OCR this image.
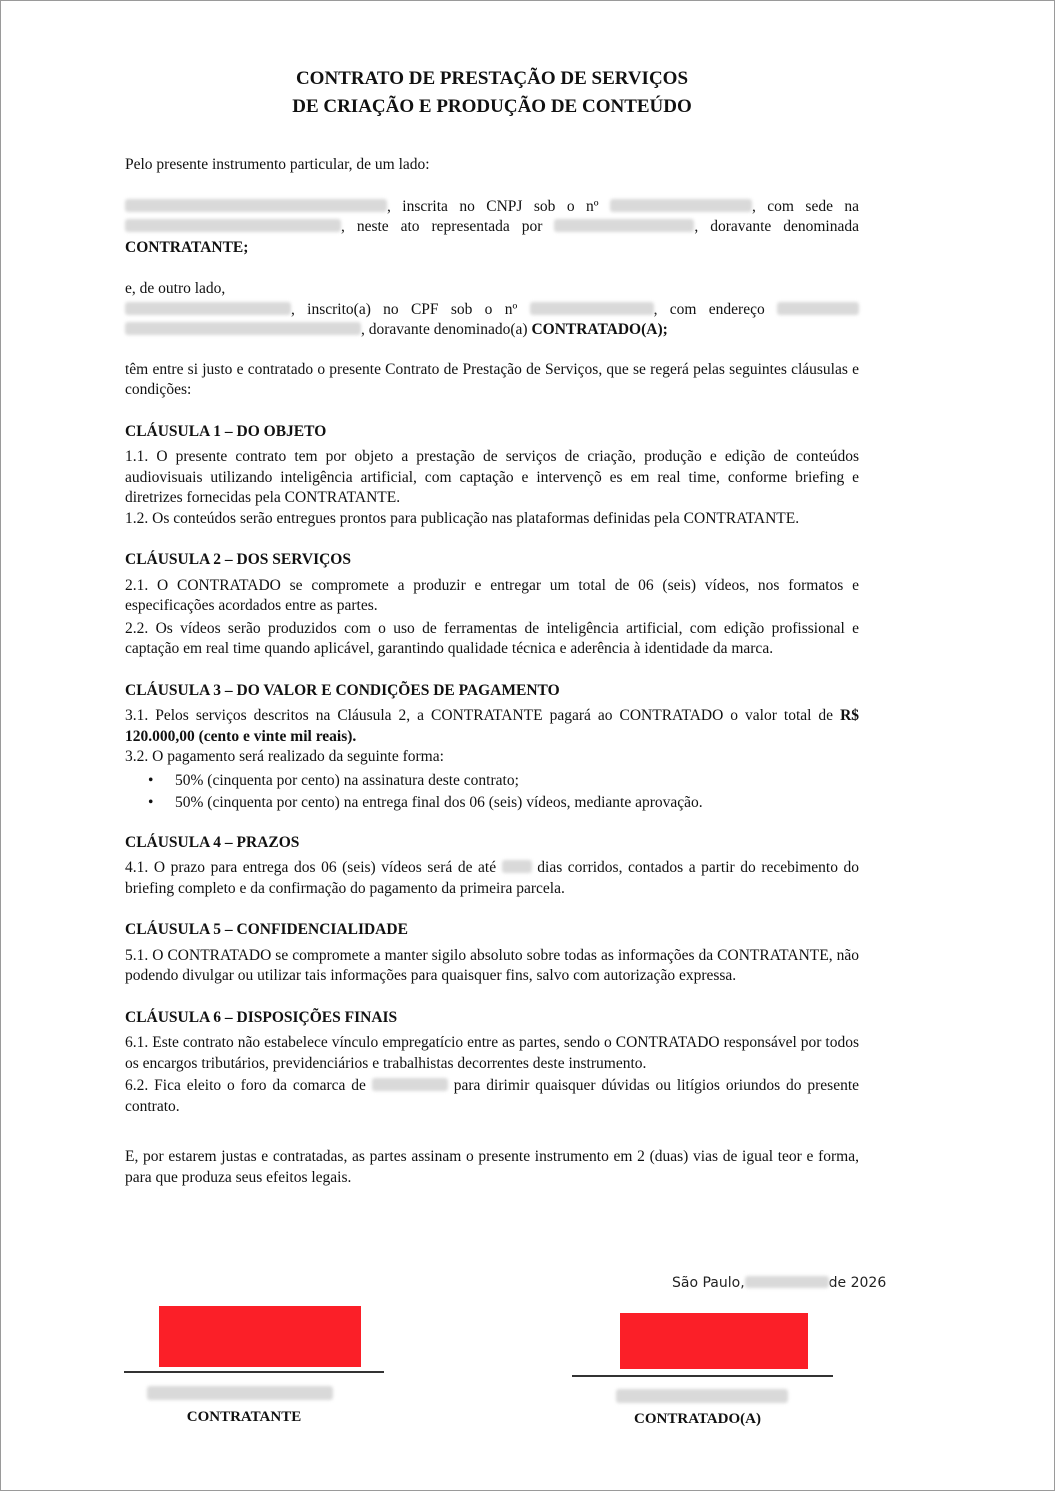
CONTRATO DE PRESTAÇÃO DE SERVIÇOS
DE CRIAÇÃO E PRODUÇÃO DE CONTEÚDO

Pelo presente instrumento particular, de um lado:

, inscrita no CNPJ sob o nº	, com sede na , neste ato representada por	, doravante denominada CONTRATANTE;

e, de outro lado,

, inscrito(a) no CPF sob o nº	, com endereço  , doravante denominado(a) CONTRATADO(A);

têm entre si justo e contratado o presente Contrato de Prestação de Serviços, que se regerá pelas seguintes cláusulas e condições:

CLÁUSULA 1 – DO OBJETO

1.1. O presente contrato tem por objeto a prestação de serviços de criação, produção e edição de conteúdos audiovisuais utilizando inteligência artificial, com captação e intervençõ es em real time, conforme briefing e diretrizes fornecidas pela CONTRATANTE.

1.2. Os conteúdos serão entregues prontos para publicação nas plataformas definidas pela CONTRATANTE.

CLÁUSULA 2 – DOS SERVIÇOS

2.1. O CONTRATADO se compromete a produzir e entregar um total de 06 (seis) vídeos, nos formatos e especificações acordados entre as partes.

2.2. Os vídeos serão produzidos com o uso de ferramentas de inteligência artificial, com edição profissional e captação em real time quando aplicável, garantindo qualidade técnica e aderência à identidade da marca.

CLÁUSULA 3 – DO VALOR E CONDIÇÕES DE PAGAMENTO

3.1. Pelos serviços descritos na Cláusula 2, a CONTRATANTE pagará ao CONTRATADO o valor total de R$ 120.000,00 (cento e vinte mil reais).

3.2. O pagamento será realizado da seguinte forma:

• 50% (cinquenta por cento) na assinatura deste contrato;
• 50% (cinquenta por cento) na entrega final dos 06 (seis) vídeos, mediante aprovação.

CLÁUSULA 4 – PRAZOS

4.1. O prazo para entrega dos 06 (seis) vídeos será de até	dias corridos, contados a partir do recebimento do briefing completo e da confirmação do pagamento da primeira parcela.

CLÁUSULA 5 – CONFIDENCIALIDADE

5.1. O CONTRATADO se compromete a manter sigilo absoluto sobre todas as informações da CONTRATANTE, não podendo divulgar ou utilizar tais informações para quaisquer fins, salvo com autorização expressa.

CLÁUSULA 6 – DISPOSIÇÕES FINAIS

6.1. Este contrato não estabelece vínculo empregatício entre as partes, sendo o CONTRATADO responsável por todos os encargos tributários, previdenciários e trabalhistas decorrentes deste instrumento.

6.2. Fica eleito o foro da comarca de	para dirimir quaisquer dúvidas ou litígios oriundos do presente contrato.

E, por estarem justas e contratadas, as partes assinam o presente instrumento em 2 (duas) vias de igual teor e forma, para que produza seus efeitos legais.

São Paulo,	de 2026
CONTRATANTE	CONTRATADO(A)
